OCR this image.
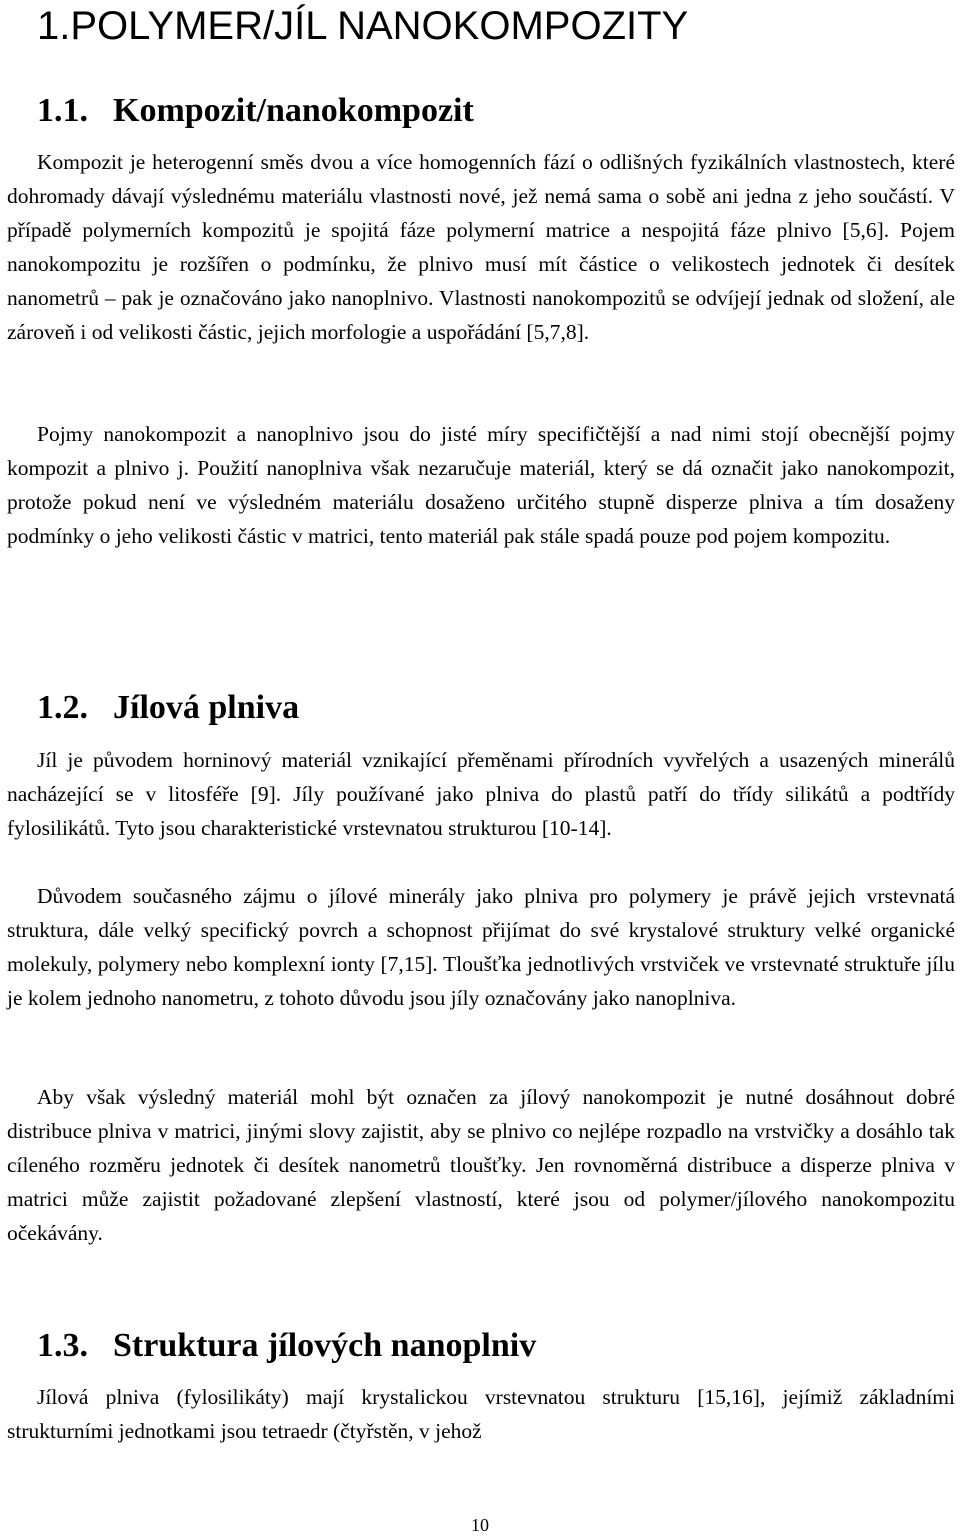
1.POLYMER/JÍL NANOKOMPOZITY
1.1. Kompozit/nanokompozit

Kompozit je heterogenní směs dvou a více homogenních fází o odlišných fyzikálních vlastnostech, které dohromady dávají výslednému materiálu vlastnosti nové, jež nemá sama o sobě ani jedna z jeho součástí. V případě polymerních kompozitů je spojitá fáze polymerní matrice a nespojitá fáze plnivo [5,6]. Pojem nanokompozitu je rozšířen o podmínku, že plnivo musí mít částice o velikostech jednotek či desítek nanometrů – pak je označováno jako nanoplnivo. Vlastnosti nanokompozitů se odvíjejí jednak od složení, ale zároveň i od velikosti částic, jejich morfologie a uspořádání [5,7,8].

Pojmy nanokompozit a nanoplnivo jsou do jisté míry specifičtější a nad nimi stojí obecnější pojmy kompozit a plnivo j. Použití nanoplniva však nezaručuje materiál, který se dá označit jako nanokompozit, protože pokud není ve výsledném materiálu dosaženo určitého stupně disperze plniva a tím dosaženy podmínky o jeho velikosti částic v matrici, tento materiál pak stále spadá pouze pod pojem kompozitu.

1.2. Jílová plniva

Jíl je původem horninový materiál vznikající přeměnami přírodních vyvřelých a usazených minerálů nacházející se v litosféře [9]. Jíly používané jako plniva do plastů patří do třídy silikátů a podtřídy fylosilikátů. Tyto jsou charakteristické vrstevnatou strukturou [10-14].

Důvodem současného zájmu o jílové minerály jako plniva pro polymery je právě jejich vrstevnatá struktura, dále velký specifický povrch a schopnost přijímat do své krystalové struktury velké organické molekuly, polymery nebo komplexní ionty [7,15]. Tloušťka jednotlivých vrstviček ve vrstevnaté struktuře jílu je kolem jednoho nanometru, z tohoto důvodu jsou jíly označovány jako nanoplniva.

Aby však výsledný materiál mohl být označen za jílový nanokompozit je nutné dosáhnout dobré distribuce plniva v matrici, jinými slovy zajistit, aby se plnivo co nejlépe rozpadlo na vrstvičky a dosáhlo tak cíleného rozměru jednotek či desítek nanometrů tloušťky. Jen rovnoměrná distribuce a disperze plniva v matrici může zajistit požadované zlepšení vlastností, které jsou od polymer/jílového nanokompozitu očekávány.

1.3. Struktura jílových nanoplniv

Jílová plniva (fylosilikáty) mají krystalickou vrstevnatou strukturu [15,16], jejímiž základními strukturními jednotkami jsou tetraedr (čtyřstěn, v jehož

10
